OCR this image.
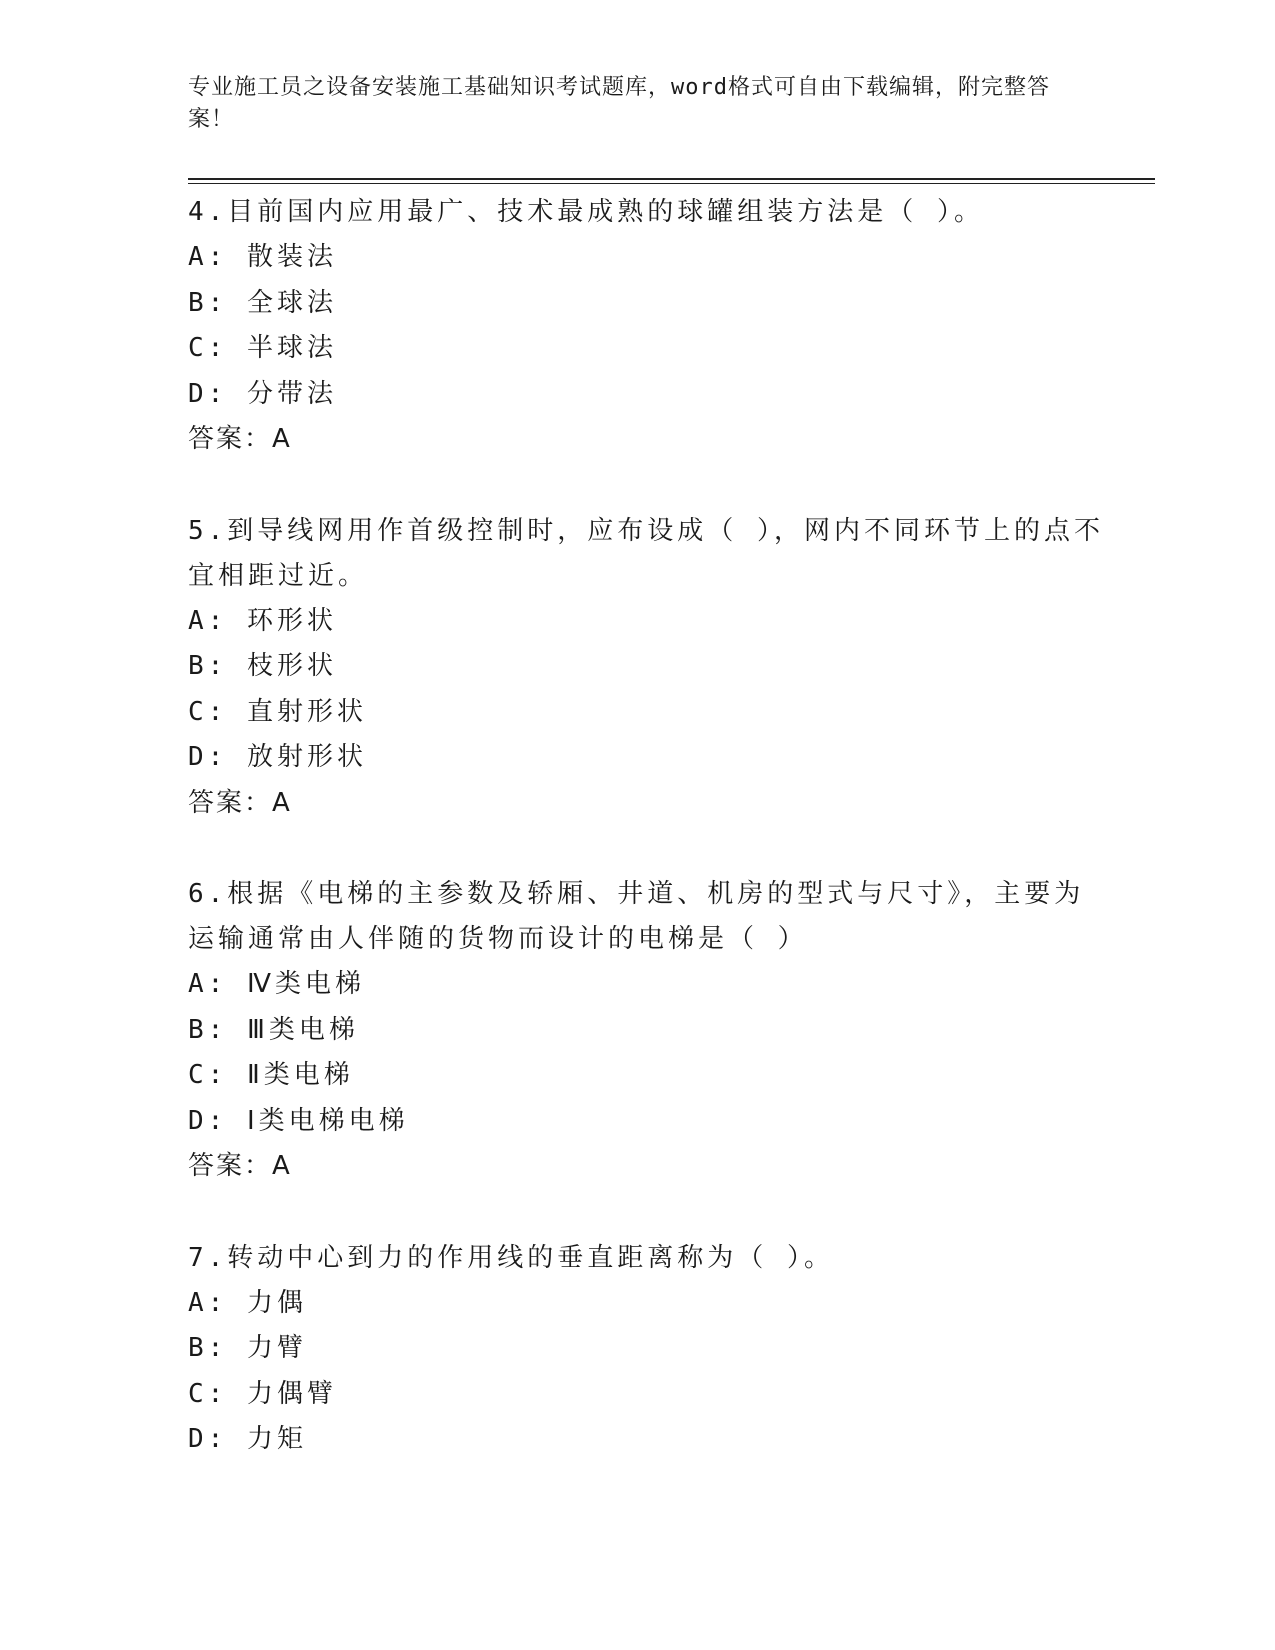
专业施工员之设备安装施工基础知识考试题库，word格式可自由下载编辑，附完整答案！
4.目前国内应用最广、技术最成熟的球罐组装方法是（ ）。
A: 散装法
B: 全球法
C: 半球法
D: 分带法
答案：A
5.到导线网用作首级控制时，应布设成（ ），网内不同环节上的点不宜相距过近。
A: 环形状
B: 枝形状
C: 直射形状
D: 放射形状
答案：A
6.根据《电梯的主参数及轿厢、井道、机房的型式与尺寸》，主要为运输通常由人伴随的货物而设计的电梯是（ ）
A: Ⅳ类电梯
B: Ⅲ类电梯
C: Ⅱ类电梯
D: Ⅰ类电梯电梯
答案：A
7.转动中心到力的作用线的垂直距离称为（ ）。
A: 力偶
B: 力臂
C: 力偶臂
D: 力矩
